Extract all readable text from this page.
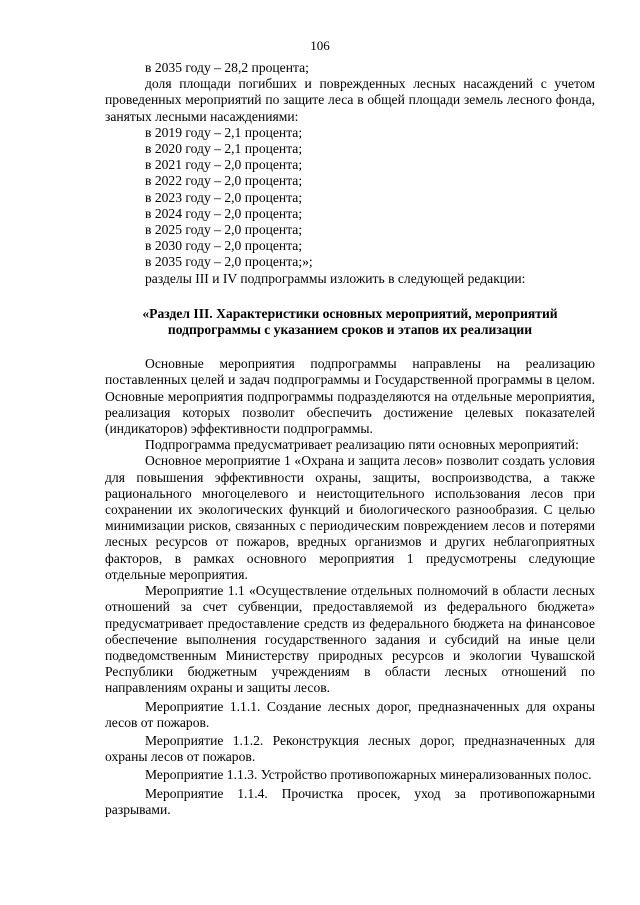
106

в 2035 году – 28,2 процента;

доля площади погибших и поврежденных лесных насаждений с учетом проведенных мероприятий по защите леса в общей площади земель лесного фонда, занятых лесными насаждениями:

в 2019 году – 2,1 процента;

в 2020 году – 2,1 процента;

в 2021 году – 2,0 процента;

в 2022 году – 2,0 процента;

в 2023 году – 2,0 процента;

в 2024 году – 2,0 процента;

в 2025 году – 2,0 процента;

в 2030 году – 2,0 процента;

в 2035 году – 2,0 процента;»;

разделы III и IV подпрограммы изложить в следующей редакции:

«Раздел III. Характеристики основных мероприятий, мероприятий подпрограммы с указанием сроков и этапов их реализации

Основные мероприятия подпрограммы направлены на реализацию поставленных целей и задач подпрограммы и Государственной программы в целом. Основные мероприятия подпрограммы подразделяются на отдельные мероприятия, реализация которых позволит обеспечить достижение целевых показателей (индикаторов) эффективности подпрограммы.

Подпрограмма предусматривает реализацию пяти основных мероприятий:

Основное мероприятие 1 «Охрана и защита лесов» позволит создать условия для повышения эффективности охраны, защиты, воспроизводства, а также рационального многоцелевого и неистощительного использования лесов при сохранении их экологических функций и биологического разнообразия. С целью минимизации рисков, связанных с периодическим повреждением лесов и потерями лесных ресурсов от пожаров, вредных организмов и других неблагоприятных факторов, в рамках основного мероприятия 1 предусмотрены следующие отдельные мероприятия.

Мероприятие 1.1 «Осуществление отдельных полномочий в области лесных отношений за счет субвенции, предоставляемой из федерального бюджета» предусматривает предоставление средств из федерального бюджета на финансовое обеспечение выполнения государственного задания и субсидий на иные цели подведомственным Министерству природных ресурсов и экологии Чувашской Республики бюджетным учреждениям в области лесных отношений по направлениям охраны и защиты лесов.

Мероприятие 1.1.1. Создание лесных дорог, предназначенных для охраны лесов от пожаров.

Мероприятие 1.1.2. Реконструкция лесных дорог, предназначенных для охраны лесов от пожаров.

Мероприятие 1.1.3. Устройство противопожарных минерализованных полос.

Мероприятие 1.1.4. Прочистка просек, уход за противопожарными разрывами.
